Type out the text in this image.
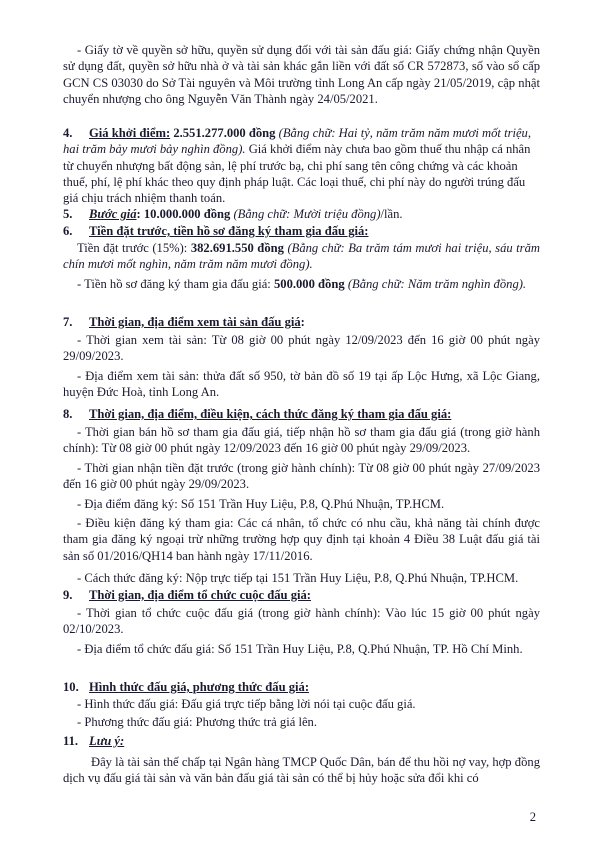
- Giấy tờ về quyền sở hữu, quyền sử dụng đối với tài sản đấu giá: Giấy chứng nhận Quyền sử dụng đất, quyền sở hữu nhà ở và tài sản khác gắn liền với đất số CR 572873, số vào sổ cấp GCN CS 03030 do Sở Tài nguyên và Môi trường tỉnh Long An cấp ngày 21/05/2019, cập nhật chuyển nhượng cho ông Nguyễn Văn Thành ngày 24/05/2021.
4. Giá khởi điểm: 2.551.277.000 đồng (Bằng chữ: Hai tỷ, năm trăm năm mươi mốt triệu, hai trăm bảy mươi bảy nghìn đồng). Giá khởi điểm này chưa bao gồm thuế thu nhập cá nhân từ chuyển nhượng bất động sản, lệ phí trước bạ, chi phí sang tên công chứng và các khoản thuế, phí, lệ phí khác theo quy định pháp luật. Các loại thuế, chi phí này do người trúng đấu giá chịu trách nhiệm thanh toán.
5. Bước giá: 10.000.000 đồng (Bằng chữ: Mười triệu đồng)/lần.
6. Tiền đặt trước, tiền hồ sơ đăng ký tham gia đấu giá:
Tiền đặt trước (15%): 382.691.550 đồng (Bằng chữ: Ba trăm tám mươi hai triệu, sáu trăm chín mươi mốt nghìn, năm trăm năm mươi đồng).
- Tiền hồ sơ đăng ký tham gia đấu giá: 500.000 đồng (Bằng chữ: Năm trăm nghìn đồng).
7. Thời gian, địa điểm xem tài sản đấu giá:
- Thời gian xem tài sản: Từ 08 giờ 00 phút ngày 12/09/2023 đến 16 giờ 00 phút ngày 29/09/2023.
- Địa điểm xem tài sản: thửa đất số 950, tờ bản đồ số 19 tại ấp Lộc Hưng, xã Lộc Giang, huyện Đức Hoà, tỉnh Long An.
8. Thời gian, địa điểm, điều kiện, cách thức đăng ký tham gia đấu giá:
- Thời gian bán hồ sơ tham gia đấu giá, tiếp nhận hồ sơ tham gia đấu giá (trong giờ hành chính): Từ 08 giờ 00 phút ngày 12/09/2023 đến 16 giờ 00 phút ngày 29/09/2023.
- Thời gian nhận tiền đặt trước (trong giờ hành chính): Từ 08 giờ 00 phút ngày 27/09/2023 đến 16 giờ 00 phút ngày 29/09/2023.
- Địa điểm đăng ký: Số 151 Trần Huy Liệu, P.8, Q.Phú Nhuận, TP.HCM.
- Điều kiện đăng ký tham gia: Các cá nhân, tổ chức có nhu cầu, khả năng tài chính được tham gia đăng ký ngoại trừ những trường hợp quy định tại khoản 4 Điều 38 Luật đấu giá tài sản số 01/2016/QH14 ban hành ngày 17/11/2016.
- Cách thức đăng ký: Nộp trực tiếp tại 151 Trần Huy Liệu, P.8, Q.Phú Nhuận, TP.HCM.
9. Thời gian, địa điểm tổ chức cuộc đấu giá:
- Thời gian tổ chức cuộc đấu giá (trong giờ hành chính): Vào lúc 15 giờ 00 phút ngày 02/10/2023.
- Địa điểm tổ chức đấu giá: Số 151 Trần Huy Liệu, P.8, Q.Phú Nhuận, TP. Hồ Chí Minh.
10. Hình thức đấu giá, phương thức đấu giá:
- Hình thức đấu giá: Đấu giá trực tiếp bằng lời nói tại cuộc đấu giá.
- Phương thức đấu giá: Phương thức trả giá lên.
11. Lưu ý:
Đây là tài sản thế chấp tại Ngân hàng TMCP Quốc Dân, bán để thu hồi nợ vay, hợp đồng dịch vụ đấu giá tài sản và văn bản đấu giá tài sản có thể bị hủy hoặc sửa đổi khi có
2
